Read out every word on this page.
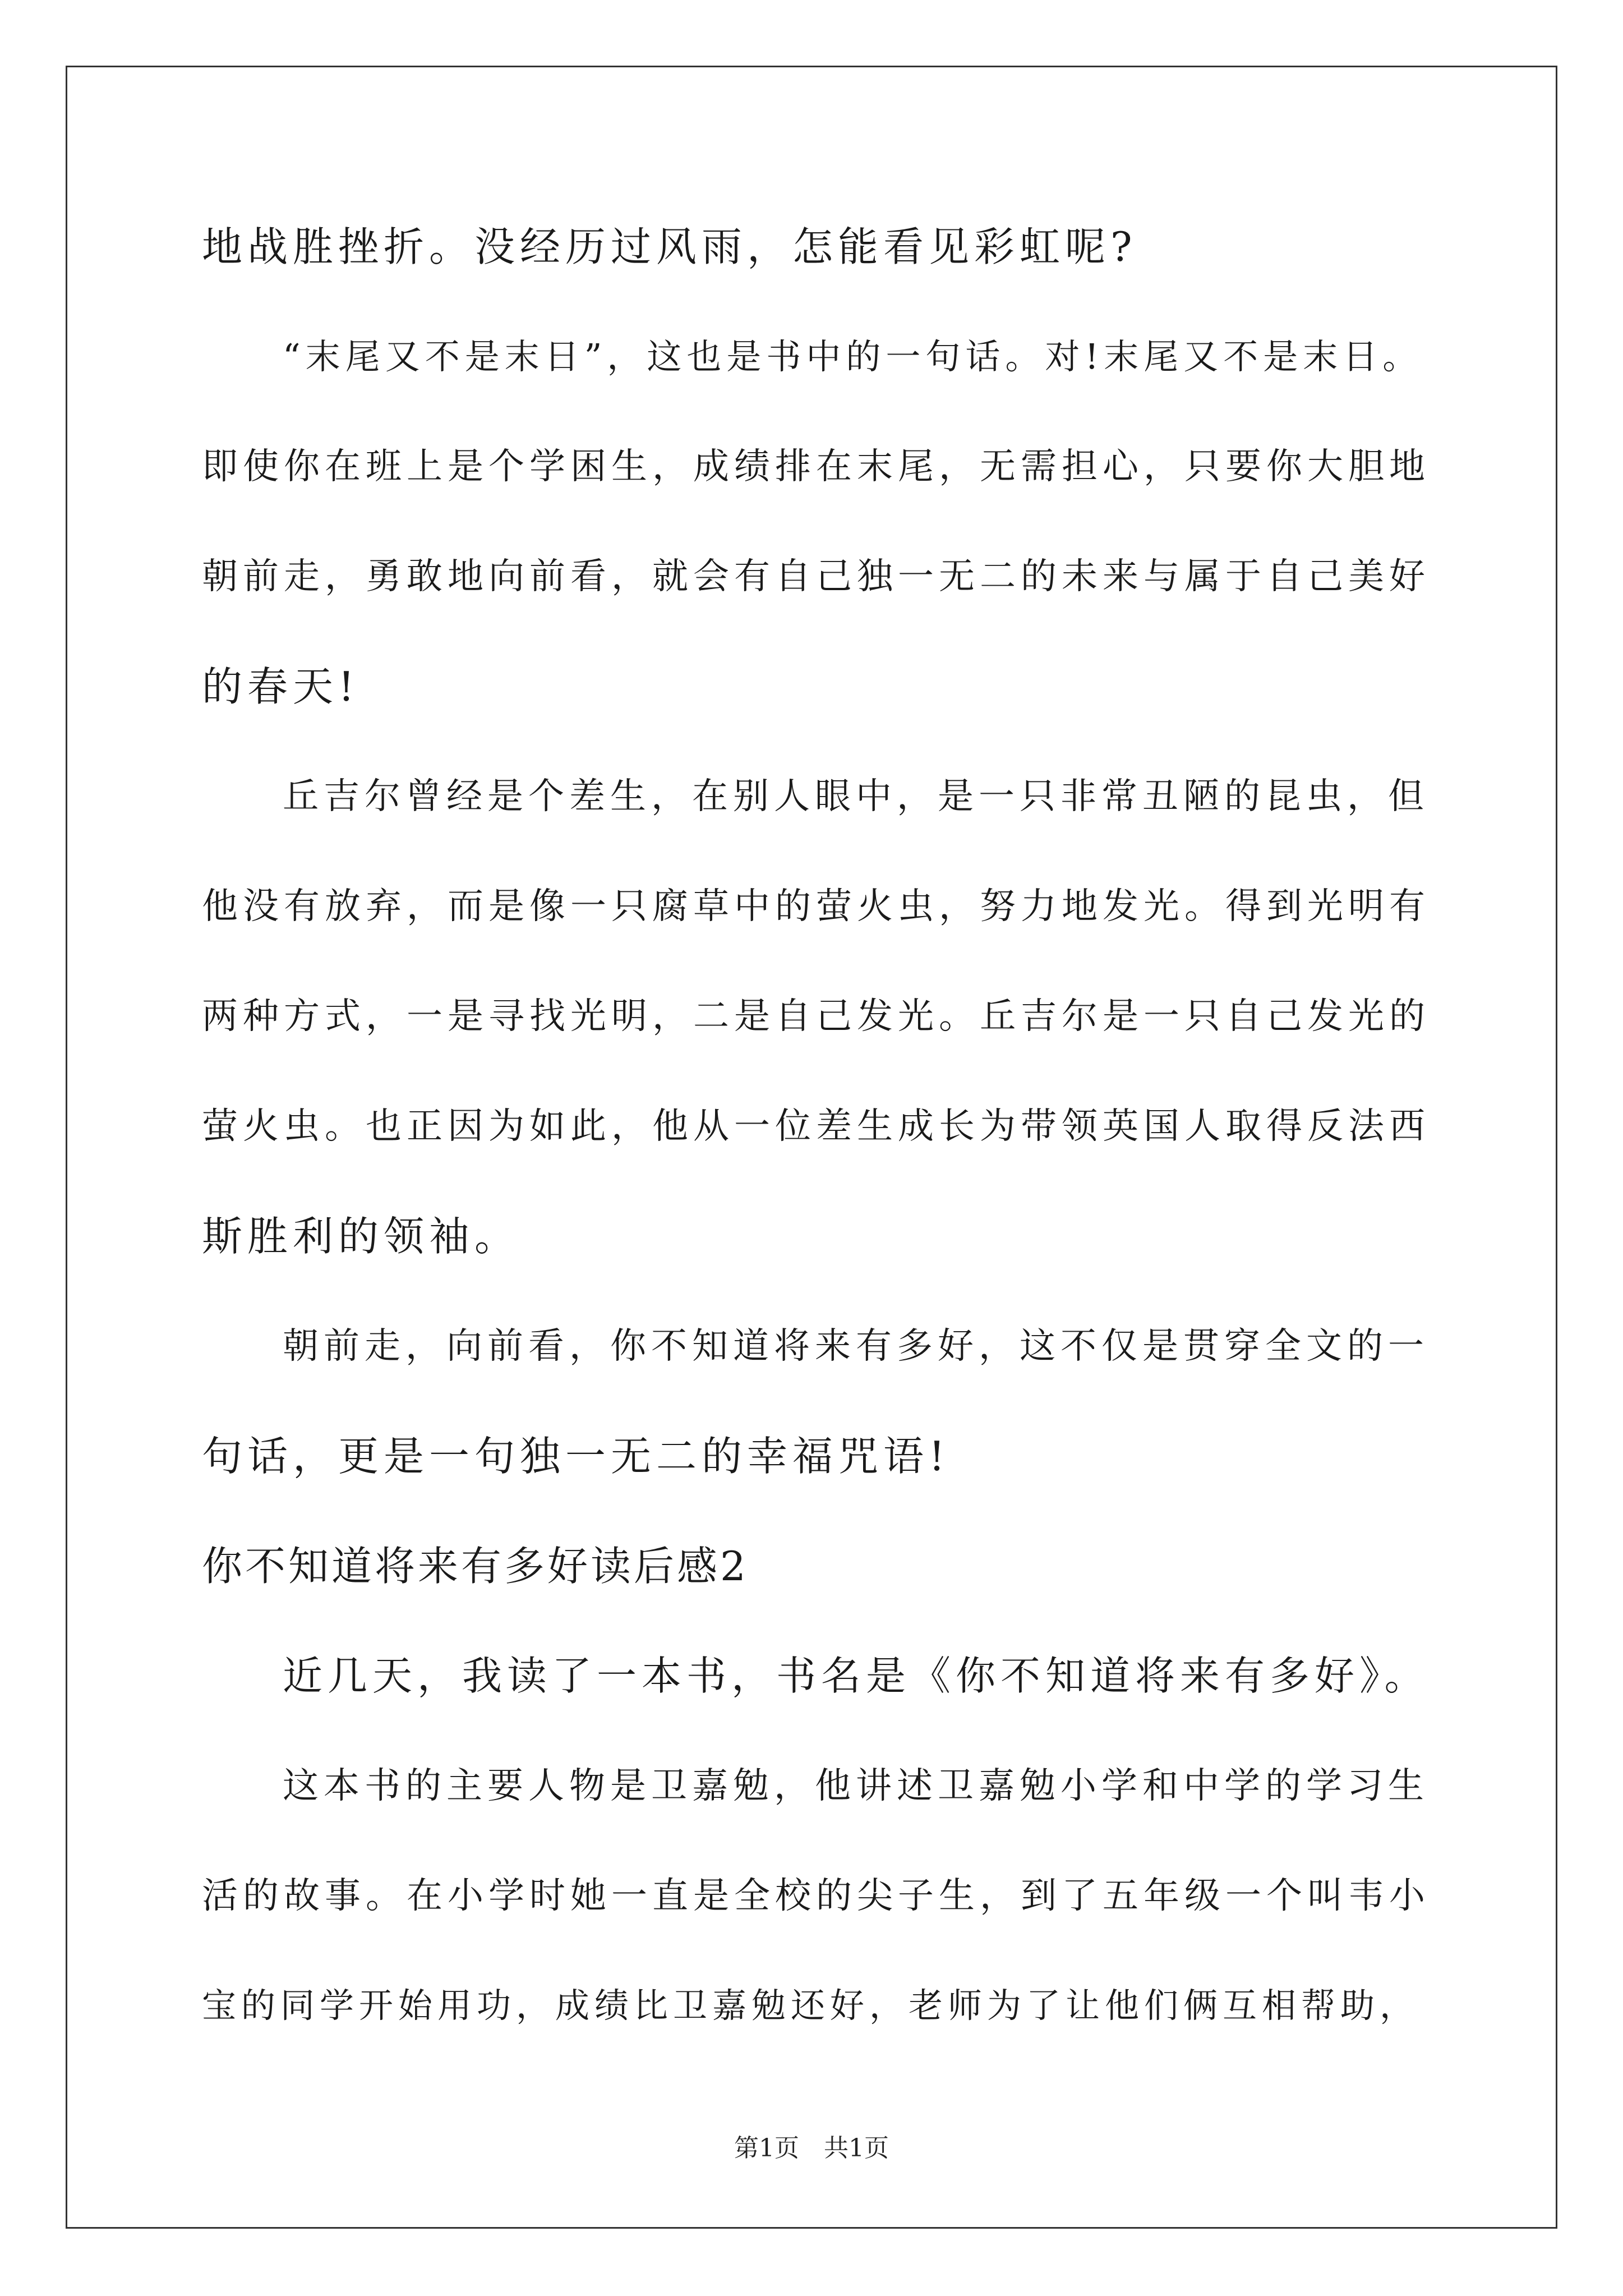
地战胜挫折。没经历过风雨，怎能看见彩虹呢?
“末尾又不是末日”，这也是书中的一句话。对!末尾又不是末日。
即使你在班上是个学困生，成绩排在末尾，无需担心，只要你大胆地
朝前走，勇敢地向前看，就会有自己独一无二的未来与属于自己美好
的春天!
丘吉尔曾经是个差生，在别人眼中，是一只非常丑陋的昆虫，但
他没有放弃，而是像一只腐草中的萤火虫，努力地发光。得到光明有
两种方式，一是寻找光明，二是自己发光。丘吉尔是一只自己发光的
萤火虫。也正因为如此，他从一位差生成长为带领英国人取得反法西
斯胜利的领袖。
朝前走，向前看，你不知道将来有多好，这不仅是贯穿全文的一
句话，更是一句独一无二的幸福咒语!
你不知道将来有多好读后感2
近几天，我读了一本书，书名是《你不知道将来有多好》。
这本书的主要人物是卫嘉勉，他讲述卫嘉勉小学和中学的学习生
活的故事。在小学时她一直是全校的尖子生，到了五年级一个叫韦小
宝的同学开始用功，成绩比卫嘉勉还好，老师为了让他们俩互相帮助，
第1页 共1页
